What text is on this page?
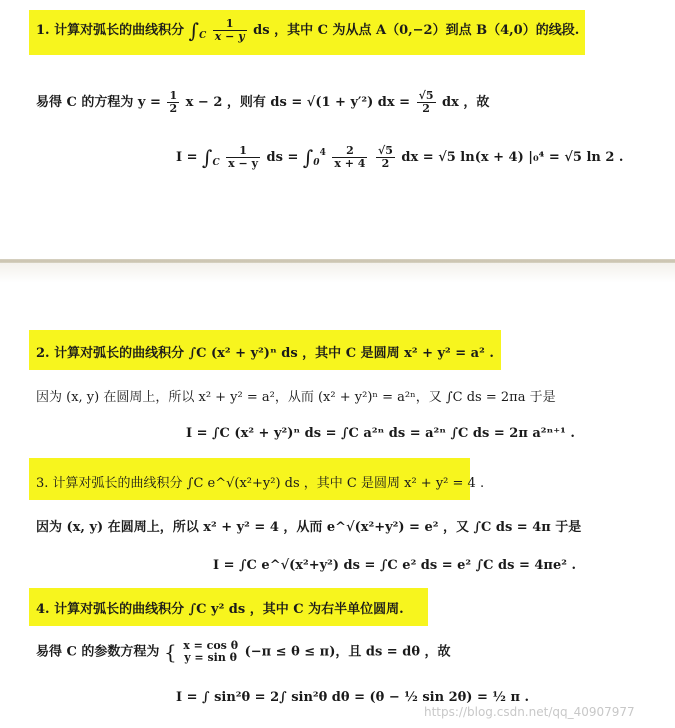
1. 计算对弧长的曲线积分 $\int_C \frac{1}{x - y}$ ds ，其中 C 为从点 A（0,−2）到点 B（4,0）的线段.
易得 C 的方程为 $y = \frac{1}{2}$ x − 2 ，则有 ds = √(1 + y′²) dx = $\frac{√5}{2}$ dx ，故
$I = \int_C \frac{1}{x - y}$ ds = $\int_0^4 \frac{2}{x + 4}$
$\frac{√5}{2}$ dx = √5 ln(x + 4) |₀⁴ = √5 ln 2 .
2. 计算对弧长的曲线积分 ∫C (x² + y²)ⁿ ds ，其中 C 是圆周 x² + y² = a² .
因为 (x, y) 在圆周上，所以 x² + y² = a²，从而 (x² + y²)ⁿ = a²ⁿ，又 ∫C ds = 2πa 于是
I = ∫C (x² + y²)ⁿ ds = ∫C a²ⁿ ds = a²ⁿ ∫C ds = 2π a²ⁿ⁺¹ .
3. 计算对弧长的曲线积分 ∫C e^√(x²+y²) ds ，其中 C 是圆周 x² + y² = 4 .
因为 (x, y) 在圆周上，所以 x² + y² = 4 ，从而 e^√(x²+y²) = e² ，又 ∫C ds = 4π 于是
I = ∫C e^√(x²+y²) ds = ∫C e² ds = e² ∫C ds = 4πe² .
4. 计算对弧长的曲线积分 ∫C y² ds ，其中 C 为右半单位圆周.
易得 C 的参数方程为 { x = cos θ
y = sin θ (−π ≤ θ ≤ π)，且 ds = dθ ，故
I = ∫ sin²θ = 2∫ sin²θ dθ = (θ − ½ sin 2θ) = ½ π .
https://blog.csdn.net/qq_40907977
